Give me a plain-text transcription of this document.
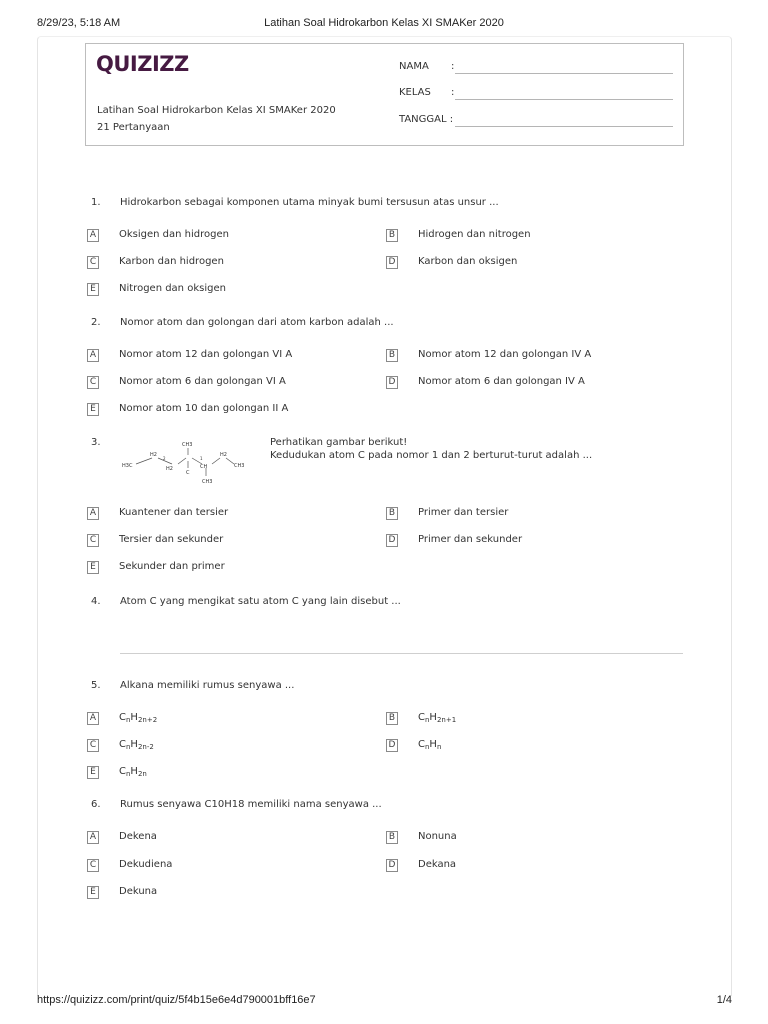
8/29/23, 5:18 AM	Latihan Soal Hidrokarbon Kelas XI SMAKer 2020
QUIZIZZ
Latihan Soal Hidrokarbon Kelas XI SMAKer 2020
21 Pertanyaan
NAMA :
KELAS :
TANGGAL :
1. Hidrokarbon sebagai komponen utama minyak bumi tersusun atas unsur ...
A Oksigen dan hidrogen	B Hidrogen dan nitrogen
C Karbon dan hidrogen	D Karbon dan oksigen
E	Nitrogen dan oksigen
2. Nomor atom dan golongan dari atom karbon adalah ...
A Nomor atom 12 dan golongan VI A	B Nomor atom 12 dan golongan IV A
C Nomor atom 6 dan golongan VI A	D Nomor atom 6 dan golongan IV A
E	Nomor atom 10 dan golongan II A
3.
H3C
H2
2
H2
CH3
C
1
CH
CH3
H2
CH3
Perhatikan gambar berikut!
Kedudukan atom C pada nomor 1 dan 2 berturut-turut adalah ...
A Kuantener dan tersier	B Primer dan tersier
C Tersier dan sekunder	D Primer dan sekunder
E	Sekunder dan primer
4. Atom C yang mengikat satu atom C yang lain disebut ...
5. Alkana memiliki rumus senyawa ...
A $C_nH_{2n+2}$	B $C_nH_{2n+1}$
C $C_nH_{2n-2}$	D $C_nH_n$
E	$C_nH_{2n}$
6. Rumus senyawa C10H18 memiliki nama senyawa ...
A Dekena	B Nonuna
C Dekudiena	D Dekana
E	Dekuna
https://quizizz.com/print/quiz/5f4b15e6e4d790001bff16e7	1/4
